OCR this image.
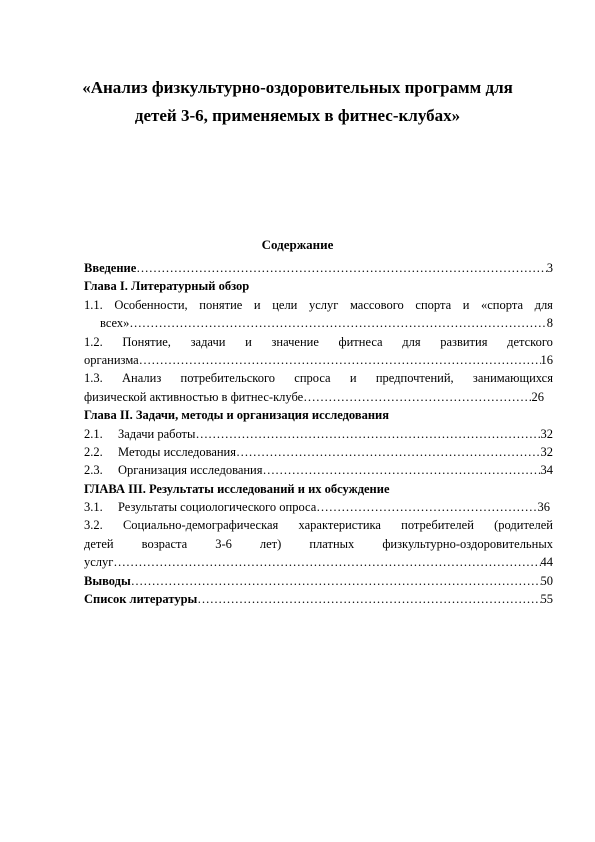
«Анализ физкультурно-оздоровительных программ для
детей 3-6, применяемых в фитнес-клубах»
Содержание
Введение …………………………………………………………………………………………………………………………………………………………………………………	3
Глава I. Литературный обзор
1.1. Особенности, понятие и цели услуг массового спорта и «спорта для
всех» …………………………………………………………………………………………………………………………………………………………………………………	8
1.2. Понятие, задачи и значение фитнеса для развития детского
организма …………………………………………………………………………………………………………………………………………………………………………………	16
1.3. Анализ потребительского спроса и предпочтений, занимающихся
физической активностью в фитнес-клубе …………………………………………………………………………………………………………………………………………………………………………………	26
Глава II. Задачи, методы и организация исследования
2.1. Задачи работы …………………………………………………………………………………………………………………………………………………………………………………	32
2.2. Методы исследования …………………………………………………………………………………………………………………………………………………………………………………	32
2.3. Организация исследования …………………………………………………………………………………………………………………………………………………………………………………	34
ГЛАВА III. Результаты исследований и их обсуждение
3.1. Результаты социологического опроса …………………………………………………………………………………………………………………………………………………………………………………	36
3.2. Социально-демографическая характеристика потребителей (родителей
детей возраста 3-6 лет) платных физкультурно-оздоровительных
услуг …………………………………………………………………………………………………………………………………………………………………………………	44
Выводы …………………………………………………………………………………………………………………………………………………………………………………	50
Список литературы …………………………………………………………………………………………………………………………………………………………………………………	55
